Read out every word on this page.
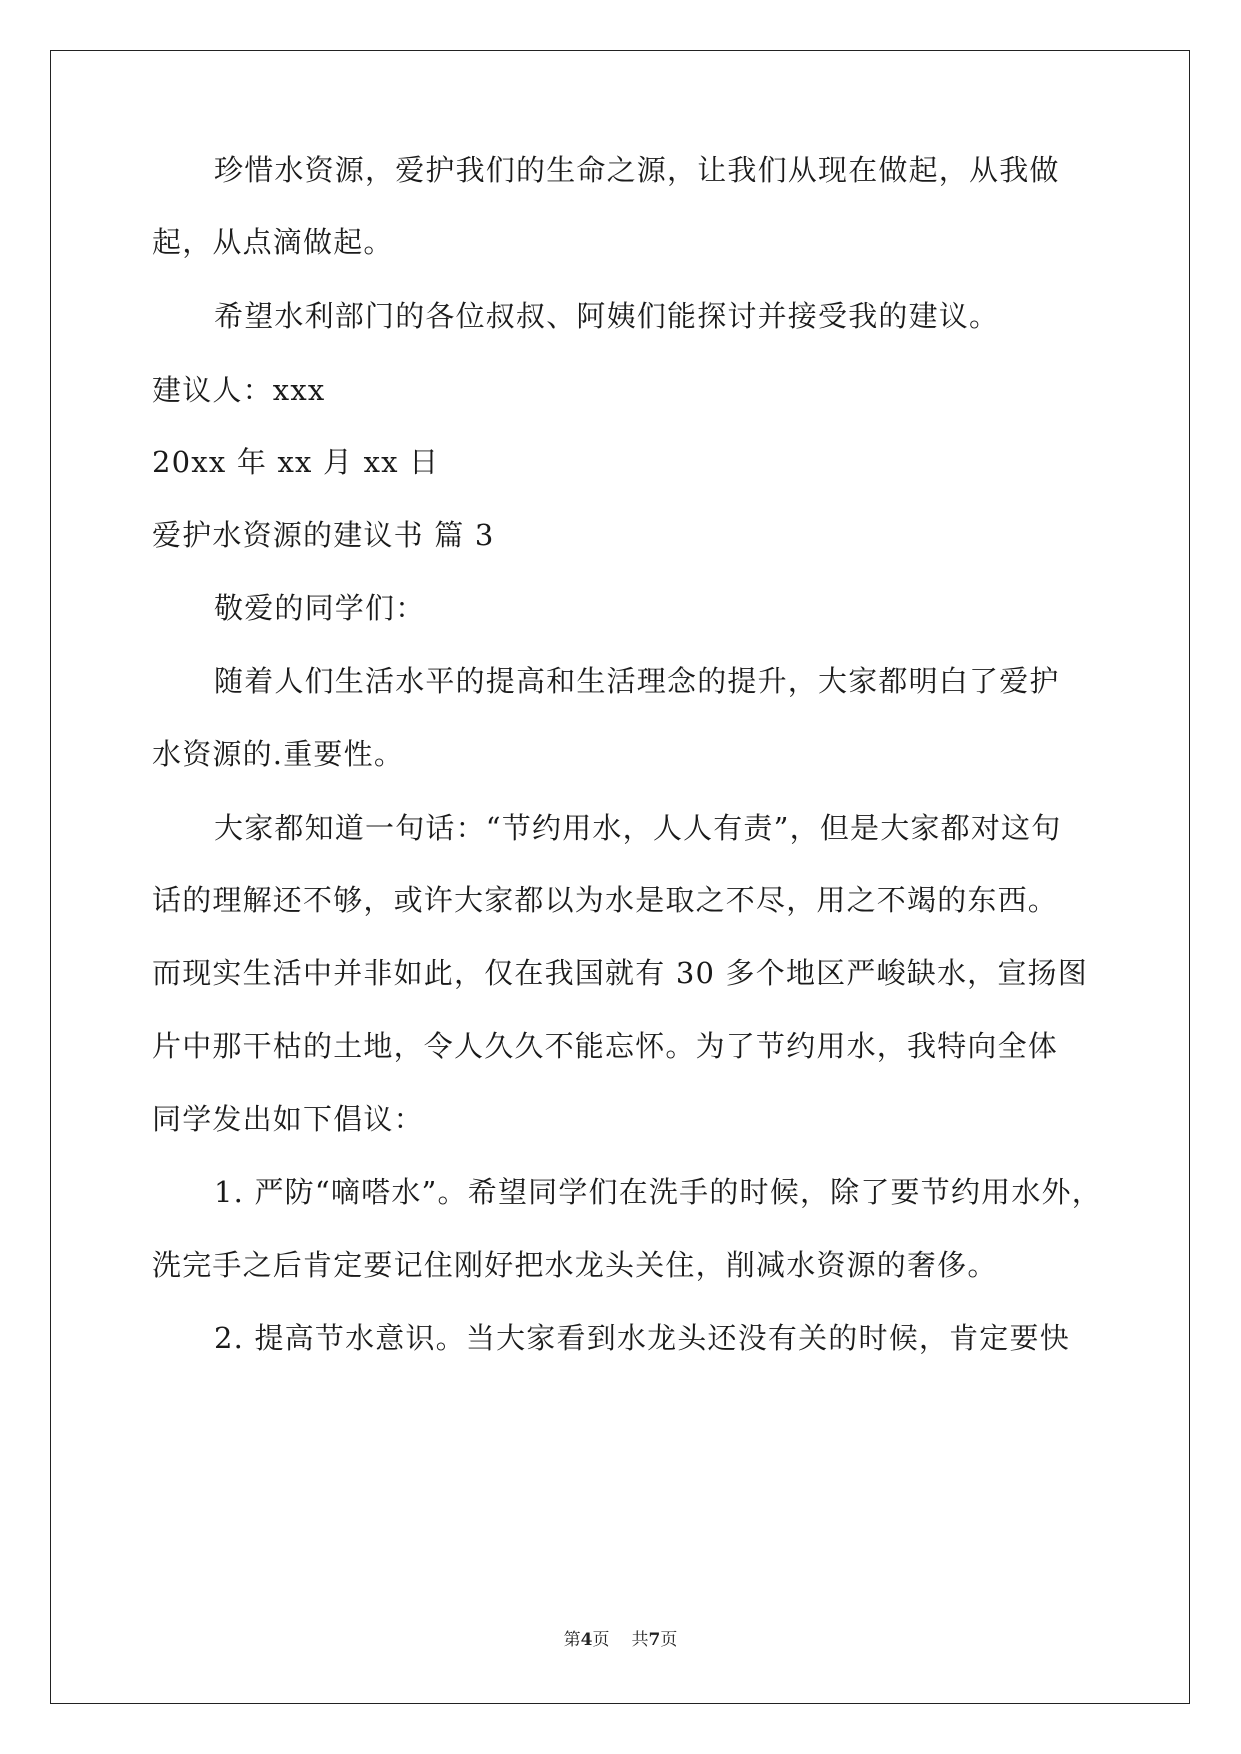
珍惜水资源，爱护我们的生命之源，让我们从现在做起，从我做
起，从点滴做起。
希望水利部门的各位叔叔、阿姨们能探讨并接受我的建议。
建议人：xxx
20xx 年 xx 月 xx 日
爱护水资源的建议书 篇 3
敬爱的同学们：
随着人们生活水平的提高和生活理念的提升，大家都明白了爱护
水资源的.重要性。
大家都知道一句话：“节约用水，人人有责”，但是大家都对这句
话的理解还不够，或许大家都以为水是取之不尽，用之不竭的东西。
而现实生活中并非如此，仅在我国就有 30 多个地区严峻缺水，宣扬图
片中那干枯的土地，令人久久不能忘怀。为了节约用水，我特向全体
同学发出如下倡议：
1. 严防“嘀嗒水”。希望同学们在洗手的时候，除了要节约用水外，
洗完手之后肯定要记住刚好把水龙头关住，削减水资源的奢侈。
2. 提高节水意识。当大家看到水龙头还没有关的时候，肯定要快
第4页 共7页
